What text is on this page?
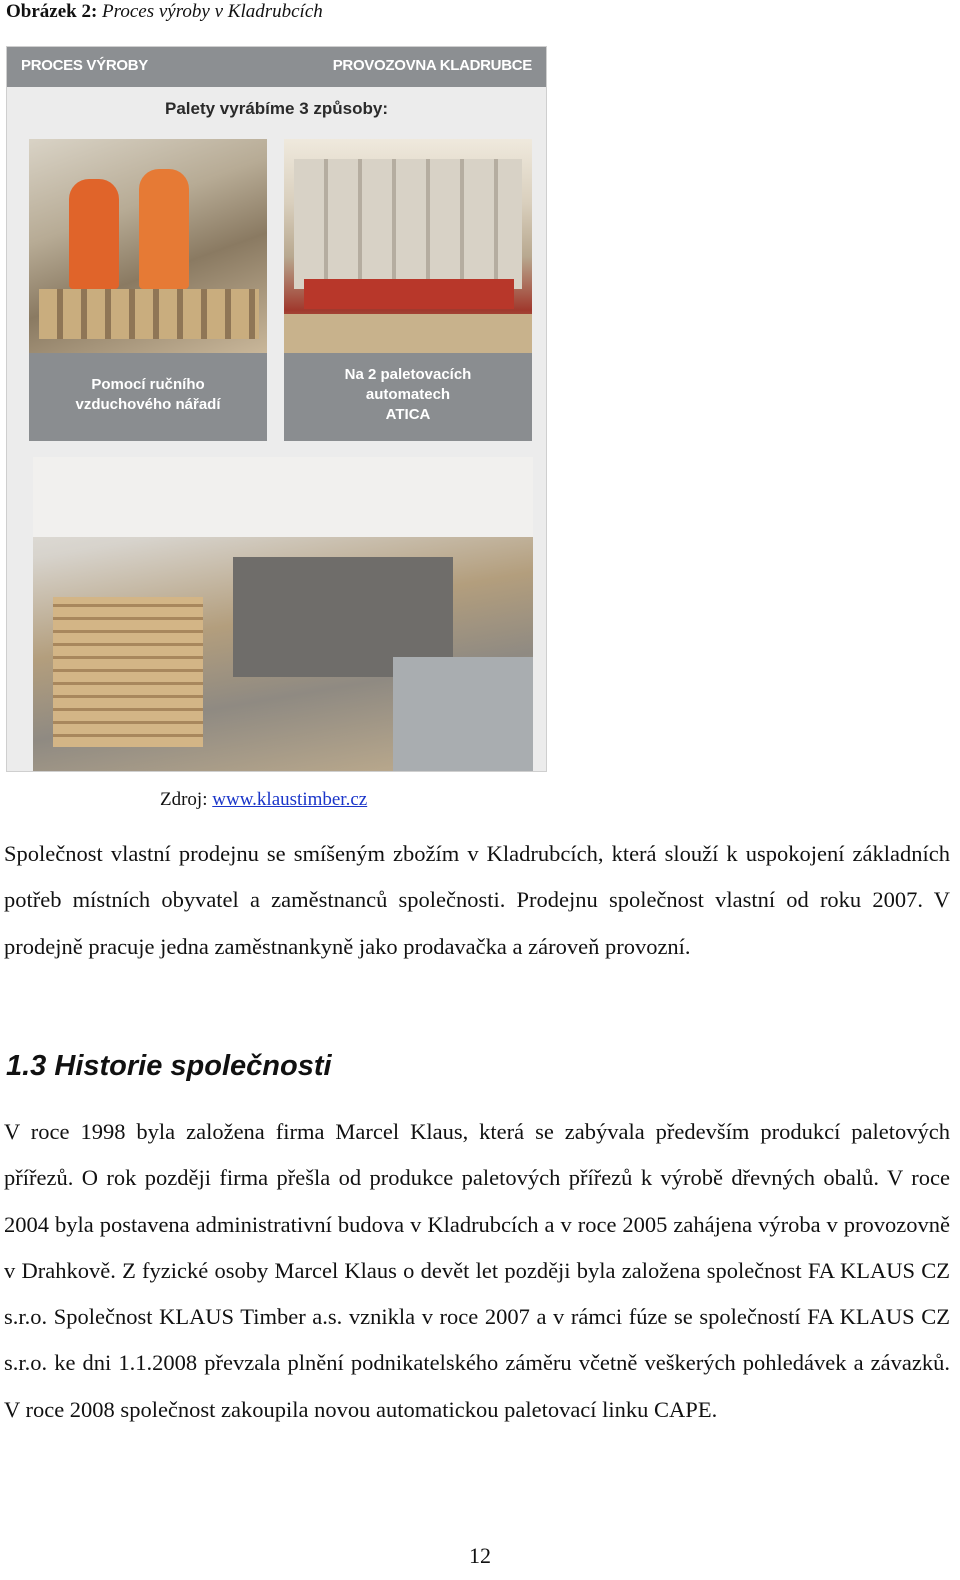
Obrázek 2: Proces výroby v Kladrubcích
PROCES VÝROBY	PROVOZOVNA KLADRUBCE
Palety vyrábíme 3 způsoby:
Pomocí ručního
vzduchového nářadí
Na 2 paletovacích
automatech
ATICA
Zdroj: www.klaustimber.cz
Společnost vlastní prodejnu se smíšeným zbožím v Kladrubcích, která slouží k uspokojení základních potřeb místních obyvatel a zaměstnanců společnosti. Prodejnu společnost vlastní od roku 2007. V prodejně pracuje jedna zaměstnankyně jako prodavačka a zároveň provozní.
1.3 Historie společnosti
V roce 1998 byla založena firma Marcel Klaus, která se zabývala především produkcí paletových přířezů. O rok později firma přešla od produkce paletových přířezů k výrobě dřevných obalů. V roce 2004 byla postavena administrativní budova v Kladrubcích a v roce 2005 zahájena výroba v provozovně v Drahkově. Z fyzické osoby Marcel Klaus o devět let později byla založena společnost FA KLAUS CZ s.r.o. Společnost KLAUS Timber a.s. vznikla v roce 2007 a v rámci fúze se společností FA KLAUS CZ s.r.o. ke dni 1.1.2008 převzala plnění podnikatelského záměru včetně veškerých pohledávek a závazků. V roce 2008 společnost zakoupila novou automatickou paletovací linku CAPE.
12
